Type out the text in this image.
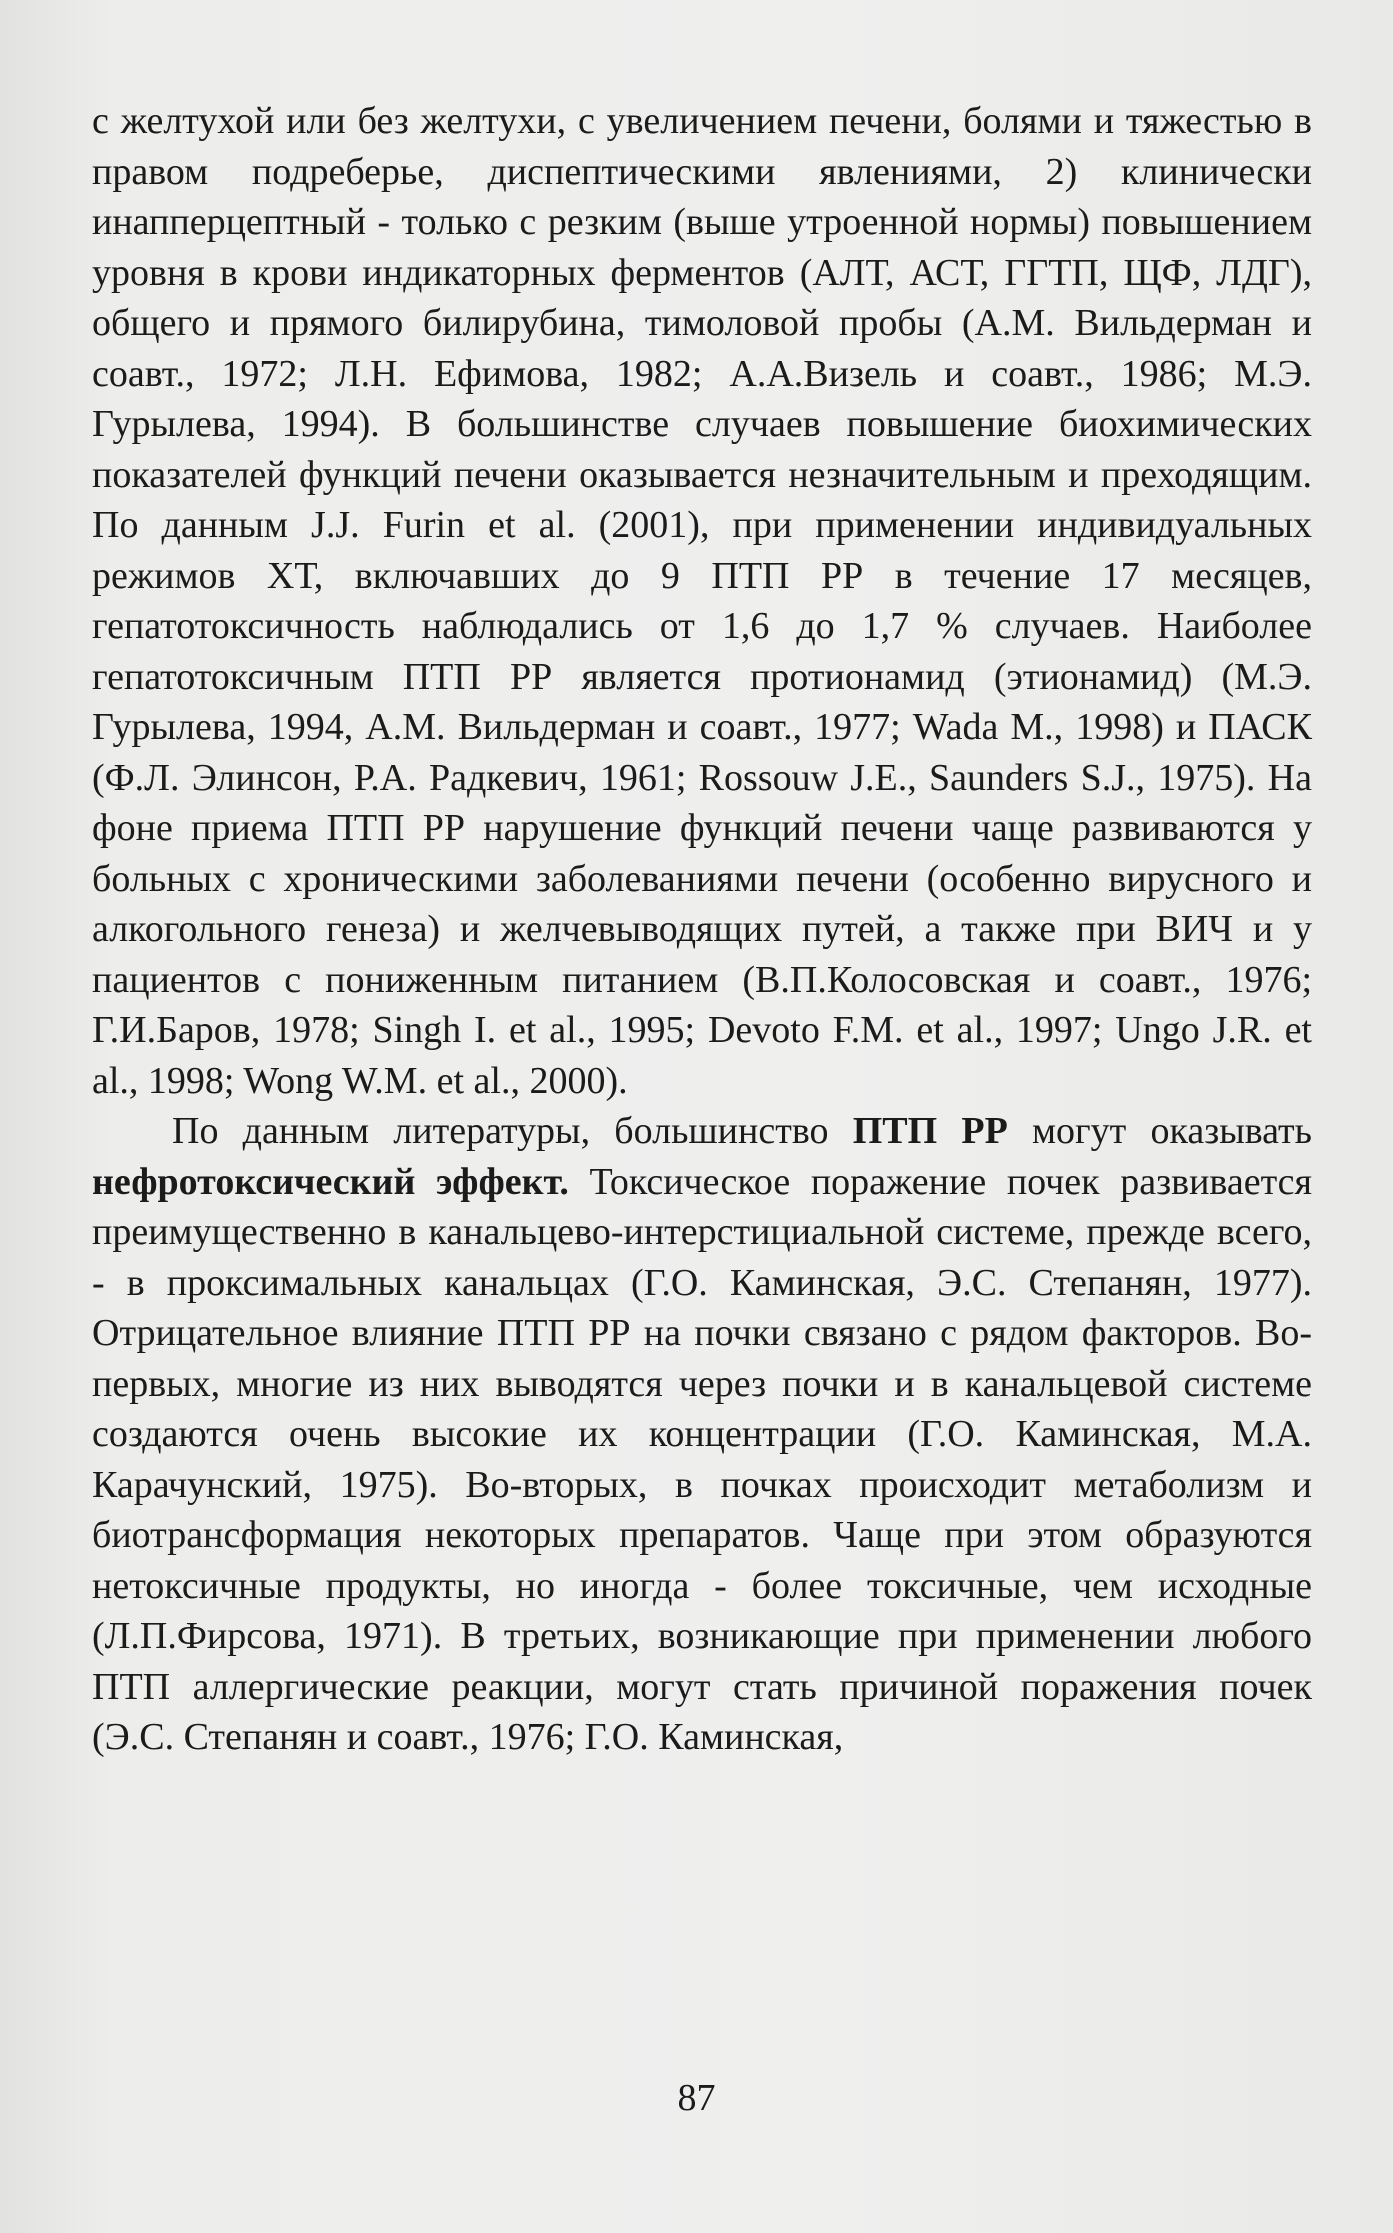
с желтухой или без желтухи, с увеличением печени, болями и тяжестью в правом подреберье, диспептическими явлениями, 2) клинически инапперцептный - только с резким (выше утроенной нормы) повышением уровня в крови индикаторных ферментов (АЛТ, АСТ, ГГТП, ЩФ, ЛДГ), общего и прямого билирубина, тимоловой пробы (А.М. Вильдерман и соавт., 1972; Л.Н. Ефимова, 1982; А.А.Визель и соавт., 1986; М.Э. Гурылева, 1994). В большинстве случаев повышение биохимических показателей функций печени оказывается незначительным и преходящим. По данным J.J. Furin et al. (2001), при применении индивидуальных режимов ХТ, включавших до 9 ПТП РР в течение 17 месяцев, гепатотоксичность наблюдались от 1,6 до 1,7 % случаев. Наиболее гепатотоксичным ПТП РР является протионамид (этионамид) (М.Э. Гурылева, 1994, А.М. Вильдерман и соавт., 1977; Wada M., 1998) и ПАСК (Ф.Л. Элинсон, Р.А. Радкевич, 1961; Rossouw J.E., Saunders S.J., 1975). На фоне приема ПТП РР нарушение функций печени чаще развиваются у больных с хроническими заболеваниями печени (особенно вирусного и алкогольного генеза) и желчевыводящих путей, а также при ВИЧ и у пациентов с пониженным питанием (В.П.Колосовская и соавт., 1976; Г.И.Баров, 1978; Singh I. et al., 1995; Devoto F.M. et al., 1997; Ungo J.R. et al., 1998; Wong W.M. et al., 2000).

По данным литературы, большинство ПТП РР могут оказывать нефротоксический эффект. Токсическое поражение почек развивается преимущественно в канальцево-интерстициальной системе, прежде всего, - в проксимальных канальцах (Г.О. Каминская, Э.С. Степанян, 1977). Отрицательное влияние ПТП РР на почки связано с рядом факторов. Во-первых, многие из них выводятся через почки и в канальцевой системе создаются очень высокие их концентрации (Г.О. Каминская, М.А. Карачунский, 1975). Во-вторых, в почках происходит метаболизм и биотрансформация некоторых препаратов. Чаще при этом образуются нетоксичные продукты, но иногда - более токсичные, чем исходные (Л.П.Фирсова, 1971). В третьих, возникающие при применении любого ПТП аллергические реакции, могут стать причиной поражения почек (Э.С. Степанян и соавт., 1976; Г.О. Каминская,

87
